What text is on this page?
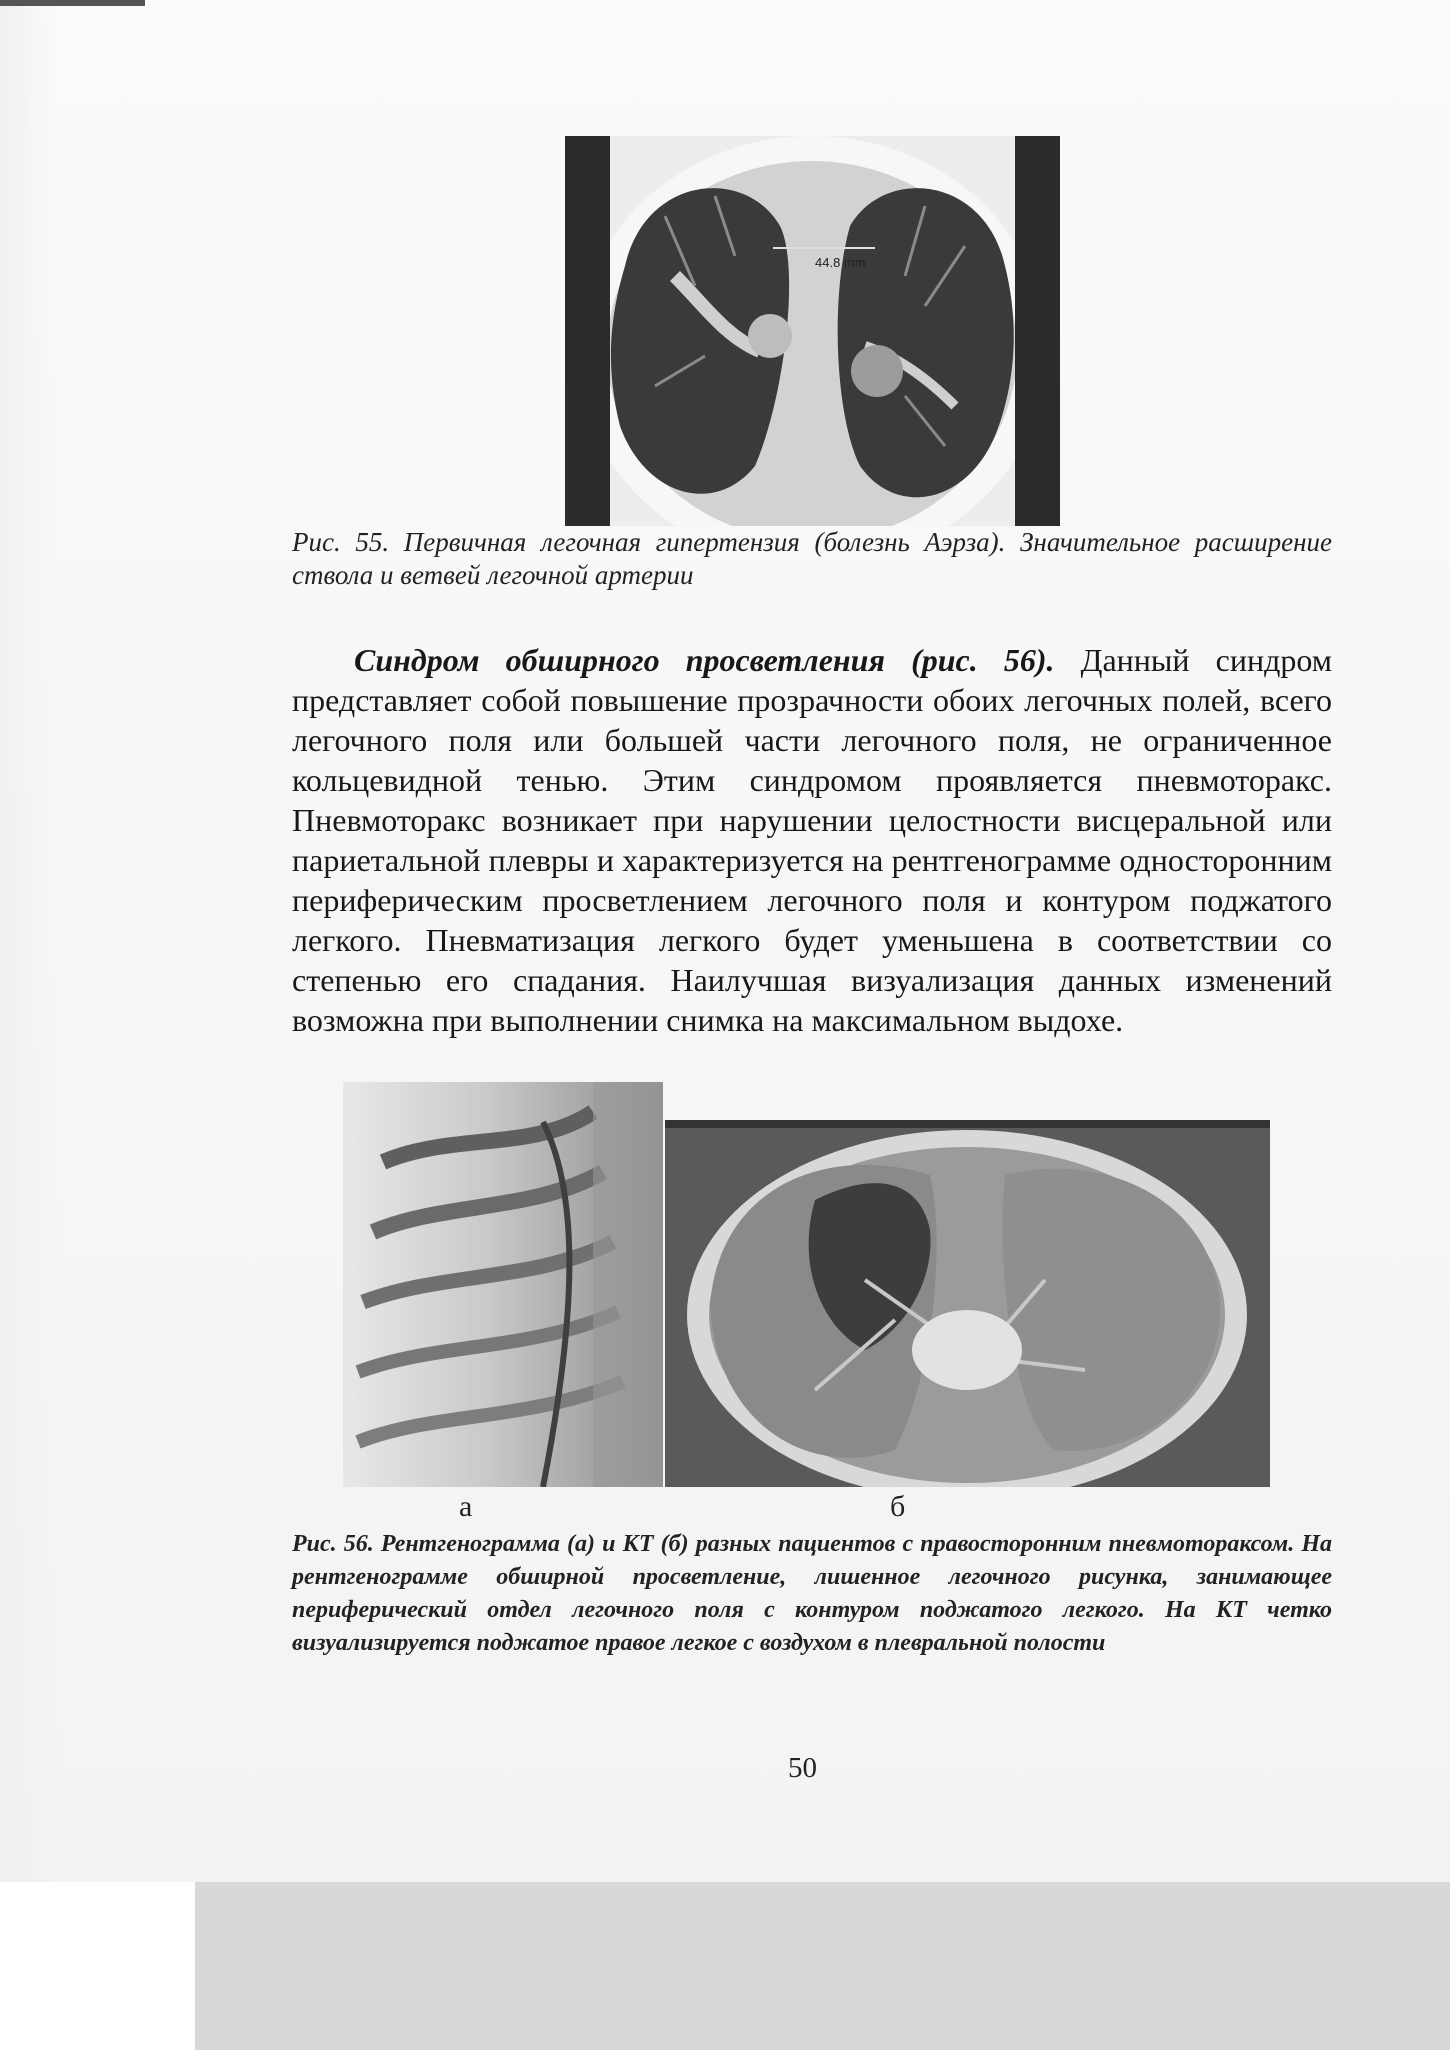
44.8 mm
Рис. 55. Первичная легочная гипертензия (болезнь Аэрза). Значительное расширение ствола и ветвей легочной артерии
Синдром обширного просветления (рис. 56). Данный синдром представляет собой повышение прозрачности обоих легочных полей, всего легочного поля или большей части легочного поля, не ограниченное кольцевидной тенью. Этим синдромом проявляется пневмоторакс. Пневмоторакс возникает при нарушении целостности висцеральной или париетальной плевры и характеризуется на рентгенограмме односторонним периферическим просветлением легочного поля и контуром поджатого легкого. Пневматизация легкого будет уменьшена в соответствии со степенью его спадания. Наилучшая визуализация данных изменений возможна при выполнении снимка на максимальном выдохе.
а	б
Рис. 56. Рентгенограмма (а) и КТ (б) разных пациентов с правосторонним пневмотораксом. На рентгенограмме обширной просветление, лишенное легочного рисунка, занимающее периферический отдел легочного поля с контуром поджатого легкого. На КТ четко визуализируется поджатое правое легкое с воздухом в плевральной полости
50
